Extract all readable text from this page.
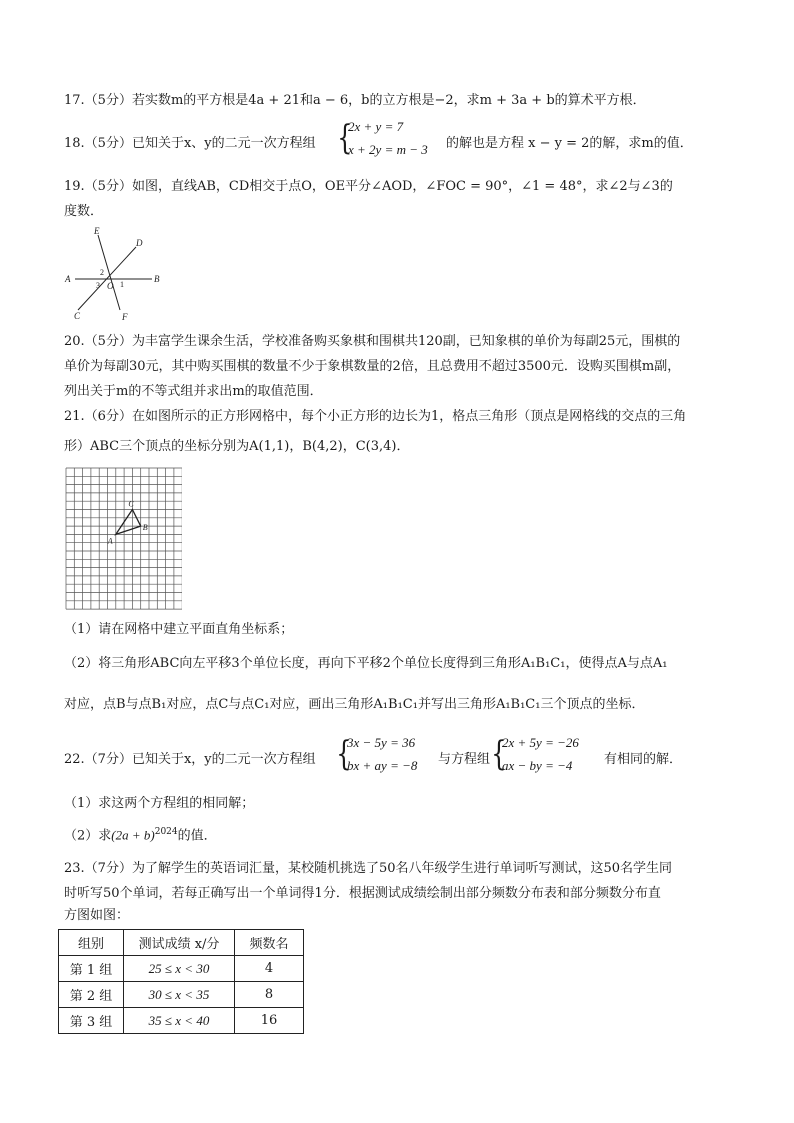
17.（5分）若实数m的平方根是4a + 21和a − 6，b的立方根是−2，求m + 3a + b的算术平方根．
18.（5分）已知关于x、y的二元一次方程组 {
2x + y = 7
x + 2y = m − 3 的解也是方程 x − y = 2的解，求m的值．
19.（5分）如图，直线AB，CD相交于点O，OE平分∠AOD，∠FOC = 90°，∠1 = 48°，求∠2与∠3的
度数．
E
D
A	B
C	F
O 1
2
3
20.（5分）为丰富学生课余生活，学校准备购买象棋和围棋共120副，已知象棋的单价为每副25元，围棋的
单价为每副30元，其中购买围棋的数量不少于象棋数量的2倍，且总费用不超过3500元．设购买围棋m副，
列出关于m的不等式组并求出m的取值范围．
21.（6分）在如图所示的正方形网格中，每个小正方形的边长为1，格点三角形（顶点是网格线的交点的三角
形）ABC三个顶点的坐标分别为A(1,1)，B(4,2)，C(3,4)．
A
B
C
（1）请在网格中建立平面直角坐标系；
（2）将三角形ABC向左平移3个单位长度，再向下平移2个单位长度得到三角形A₁B₁C₁，使得点A与点A₁
对应，点B与点B₁对应，点C与点C₁对应，画出三角形A₁B₁C₁并写出三角形A₁B₁C₁三个顶点的坐标．
22.（7分）已知关于x，y的二元一次方程组 {
3x − 5y = 36
bx + ay = −8 与方程组 {
2x + 5y = −26
ax − by = −4 有相同的解．
（1）求这两个方程组的相同解；
（2）求$(2a + b)^{2024}$的值．
23.（7分）为了解学生的英语词汇量，某校随机挑选了50名八年级学生进行单词听写测试，这50名学生同
时听写50个单词，若每正确写出一个单词得1分．根据测试成绩绘制出部分频数分布表和部分频数分布直
方图如图：
组别	测试成绩 x/分	频数名
第 1 组	25 ≤ x < 30	4
第 2 组	30 ≤ x < 35	8
第 3 组	35 ≤ x < 40	16
